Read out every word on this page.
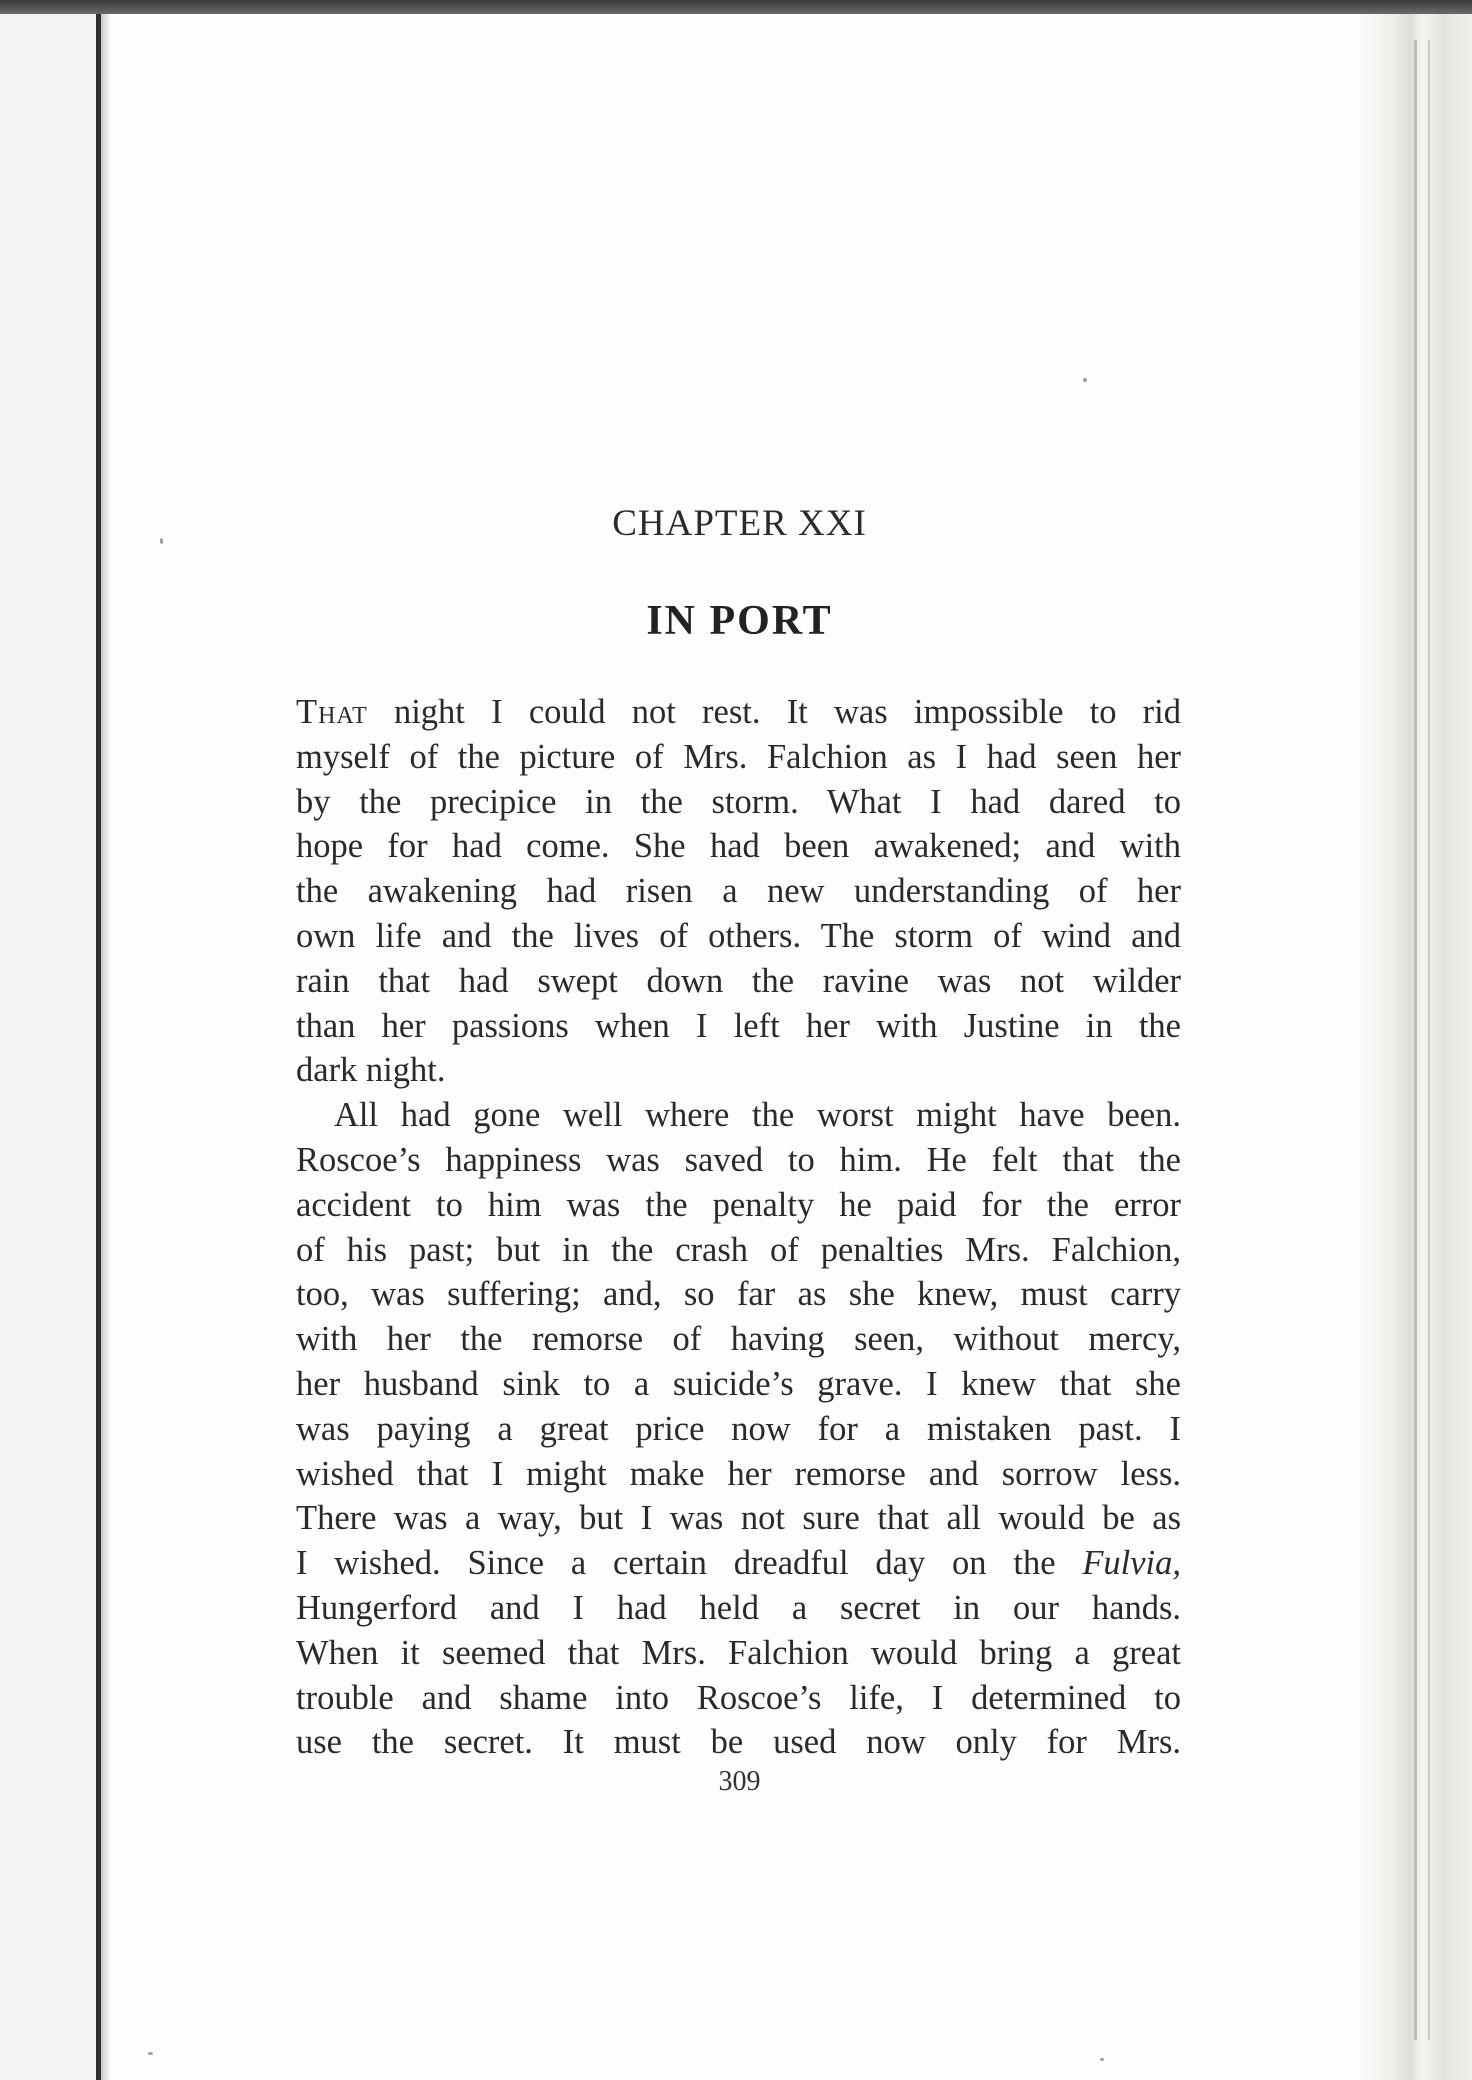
CHAPTER XXI
IN PORT
That night I could not rest. It was impossible to rid
myself of the picture of Mrs. Falchion as I had seen her
by the precipice in the storm. What I had dared to
hope for had come. She had been awakened; and with
the awakening had risen a new understanding of her
own life and the lives of others. The storm of wind and
rain that had swept down the ravine was not wilder
than her passions when I left her with Justine in the
dark night.
All had gone well where the worst might have been.
Roscoe’s happiness was saved to him. He felt that the
accident to him was the penalty he paid for the error
of his past; but in the crash of penalties Mrs. Falchion,
too, was suffering; and, so far as she knew, must carry
with her the remorse of having seen, without mercy,
her husband sink to a suicide’s grave. I knew that she
was paying a great price now for a mistaken past. I
wished that I might make her remorse and sorrow less.
There was a way, but I was not sure that all would be as
I wished. Since a certain dreadful day on the Fulvia,
Hungerford and I had held a secret in our hands.
When it seemed that Mrs. Falchion would bring a great
trouble and shame into Roscoe’s life, I determined to
use the secret. It must be used now only for Mrs.
309
